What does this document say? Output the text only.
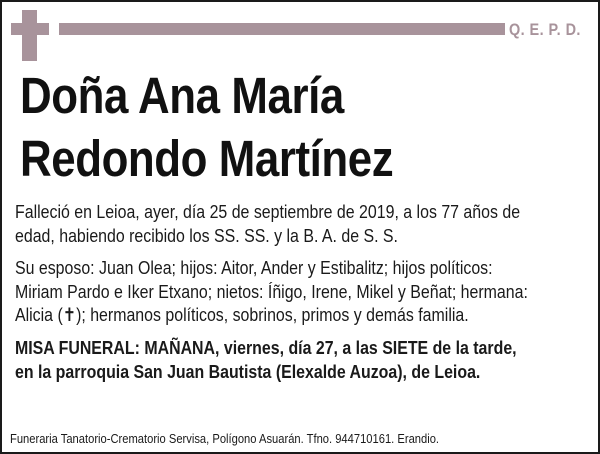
Q. E. P. D.
Doña Ana María
Redondo Martínez
Falleció en Leioa, ayer, día 25 de septiembre de 2019, a los 77 años de
edad, habiendo recibido los SS. SS. y la B. A. de S. S.
Su esposo: Juan Olea; hijos: Aitor, Ander y Estibalitz; hijos políticos:
Miriam Pardo e Iker Etxano; nietos: Íñigo, Irene, Mikel y Beñat; hermana:
Alicia (✝); hermanos políticos, sobrinos, primos y demás familia.
MISA FUNERAL: MAÑANA, viernes, día 27, a las SIETE de la tarde,
en la parroquia San Juan Bautista (Elexalde Auzoa), de Leioa.
Funeraria Tanatorio-Crematorio Servisa, Polígono Asuarán. Tfno. 944710161. Erandio.
